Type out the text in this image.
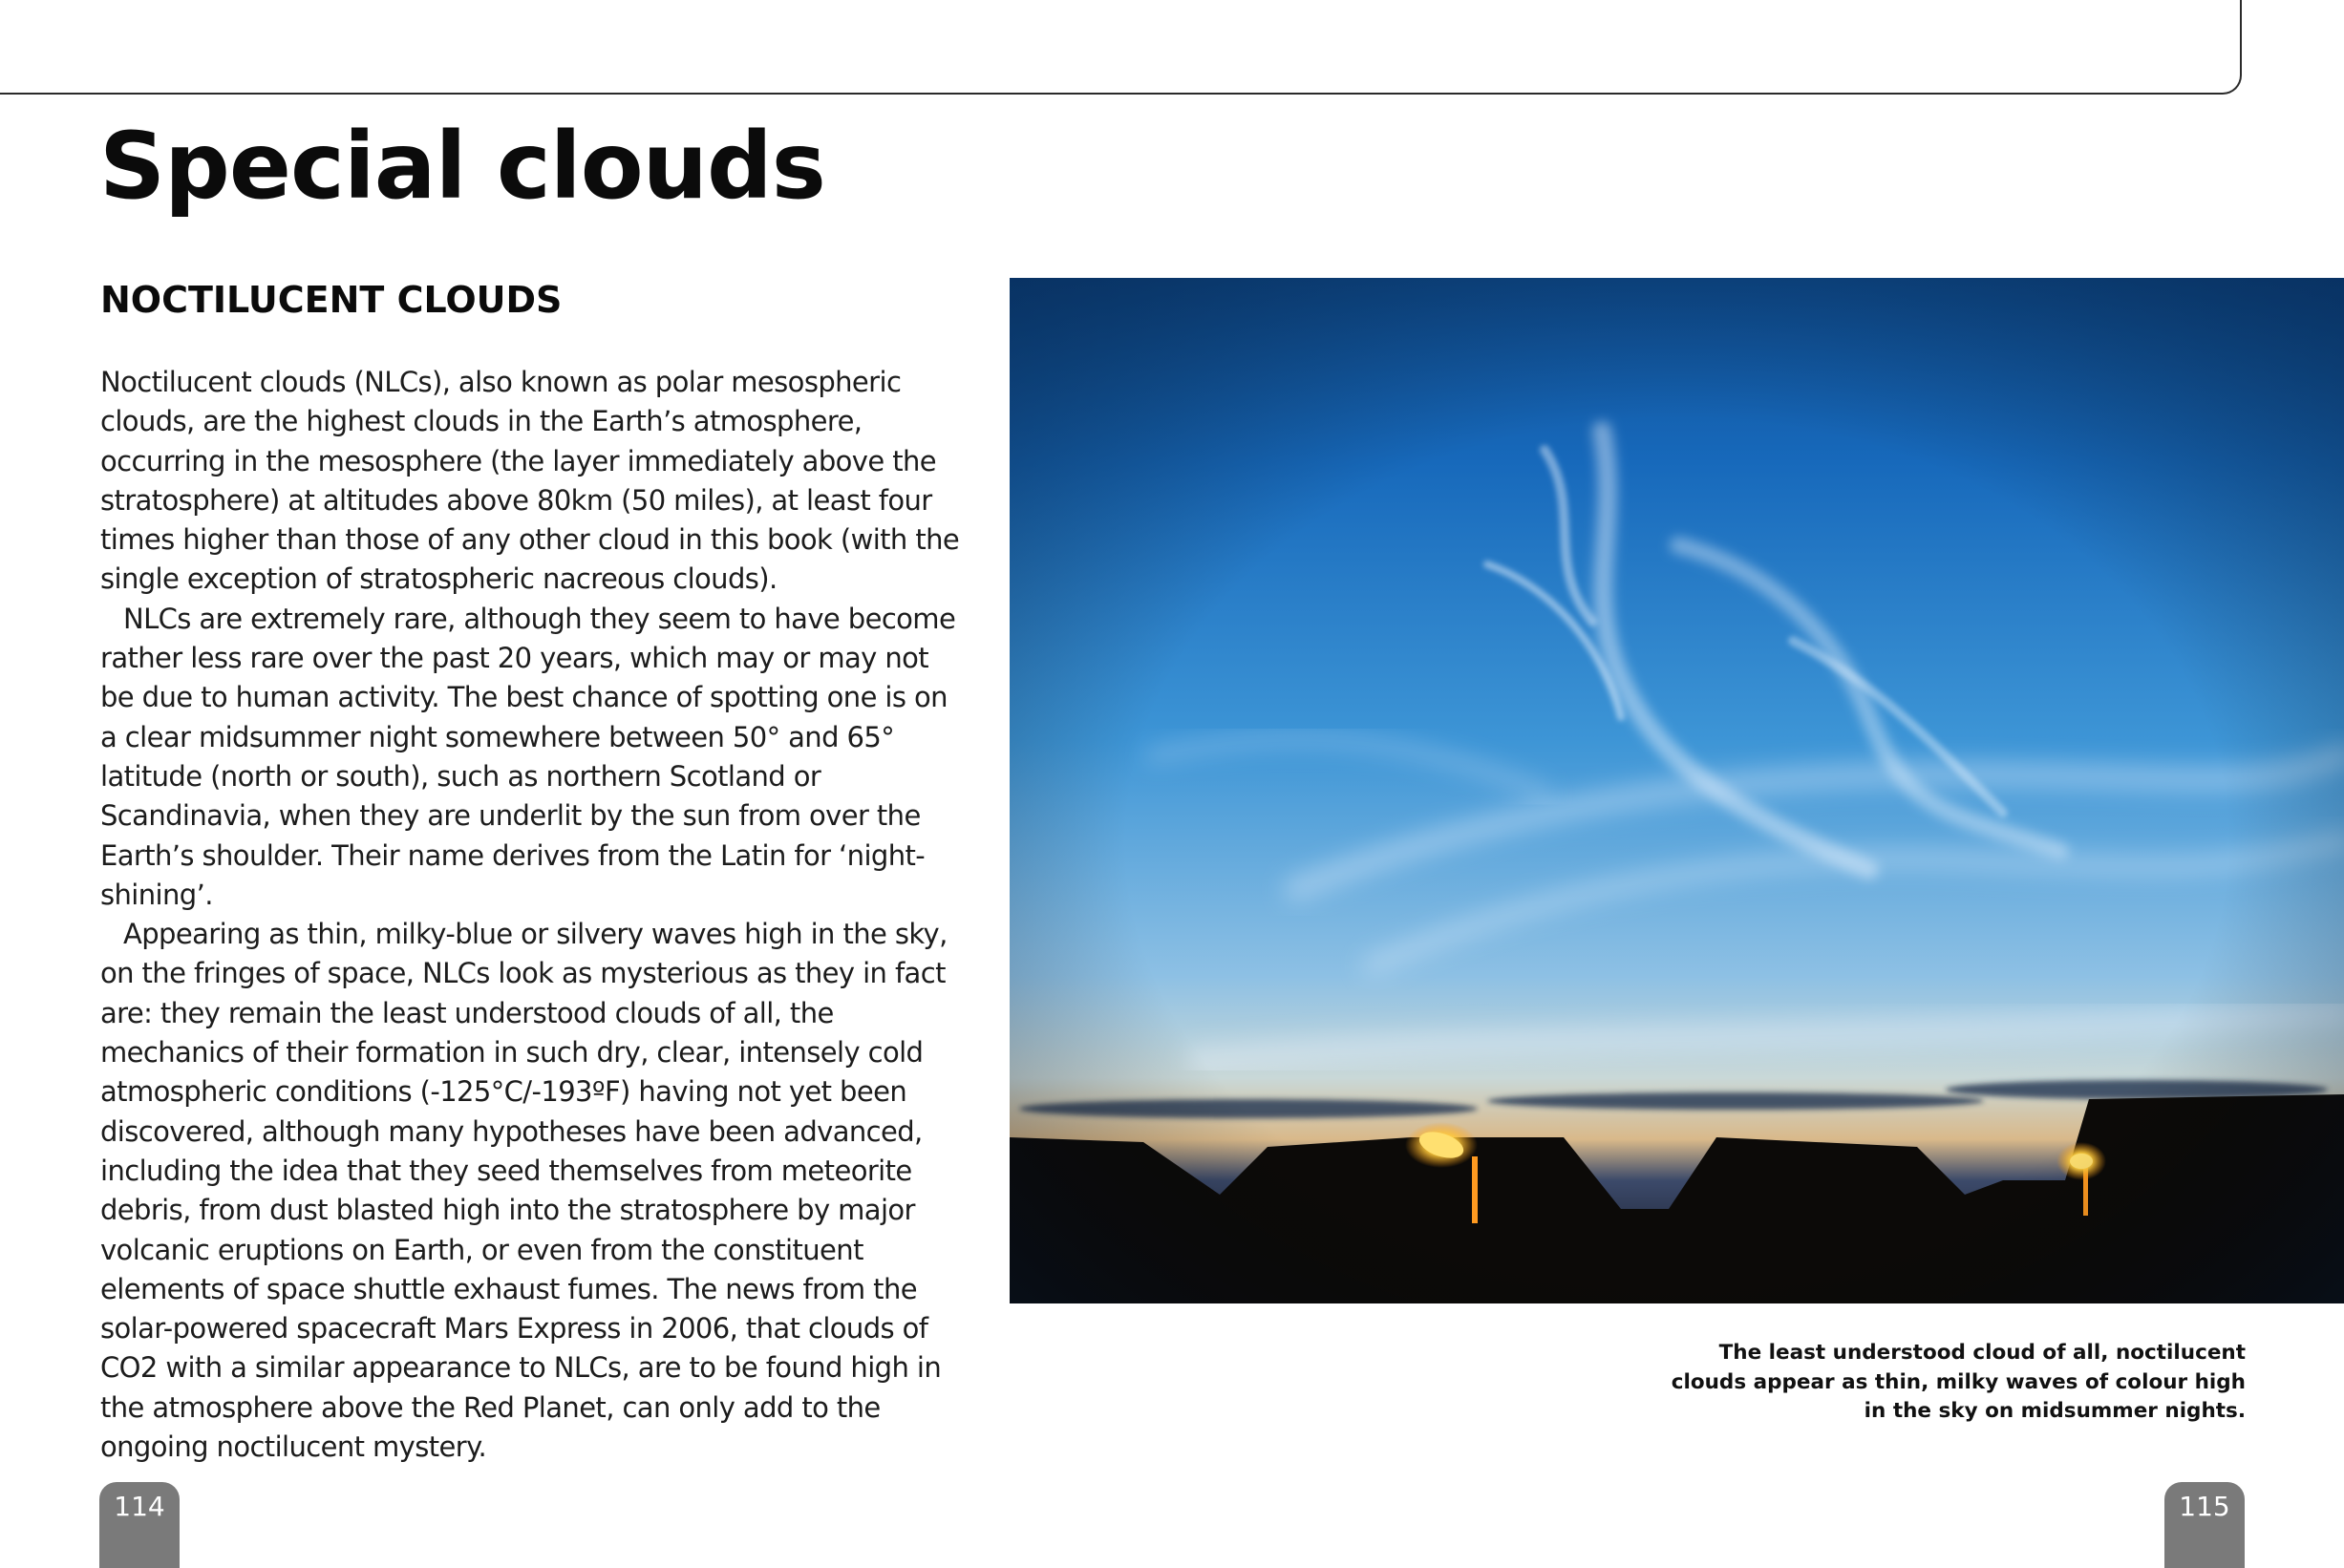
Special clouds
NOCTILUCENT CLOUDS

Noctilucent clouds (NLCs), also known as polar mesospheric clouds, are the highest clouds in the Earth’s atmosphere, occurring in the mesosphere (the layer immediately above the stratosphere) at altitudes above 80km (50 miles), at least four times higher than those of any other cloud in this book (with the single exception of stratospheric nacreous clouds).

NLCs are extremely rare, although they seem to have become rather less rare over the past 20 years, which may or may not be due to human activity. The best chance of spotting one is on a clear midsummer night somewhere between 50° and 65° latitude (north or south), such as northern Scotland or Scandinavia, when they are underlit by the sun from over the Earth’s shoulder. Their name derives from the Latin for ‘night-shining’.

Appearing as thin, milky-blue or silvery waves high in the sky, on the fringes of space, NLCs look as mysterious as they in fact are: they remain the least understood clouds of all, the mechanics of their formation in such dry, clear, intensely cold atmospheric conditions (-125°C/-193ºF) having not yet been discovered, although many hypotheses have been advanced, including the idea that they seed themselves from meteorite debris, from dust blasted high into the stratosphere by major volcanic eruptions on Earth, or even from the constituent elements of space shuttle exhaust fumes. The news from the solar-powered spacecraft Mars Express in 2006, that clouds of CO2 with a similar appearance to NLCs, are to be found high in the atmosphere above the Red Planet, can only add to the ongoing noctilucent mystery.

The least understood cloud of all, noctilucent clouds appear as thin, milky waves of colour high in the sky on midsummer nights.
114	115
